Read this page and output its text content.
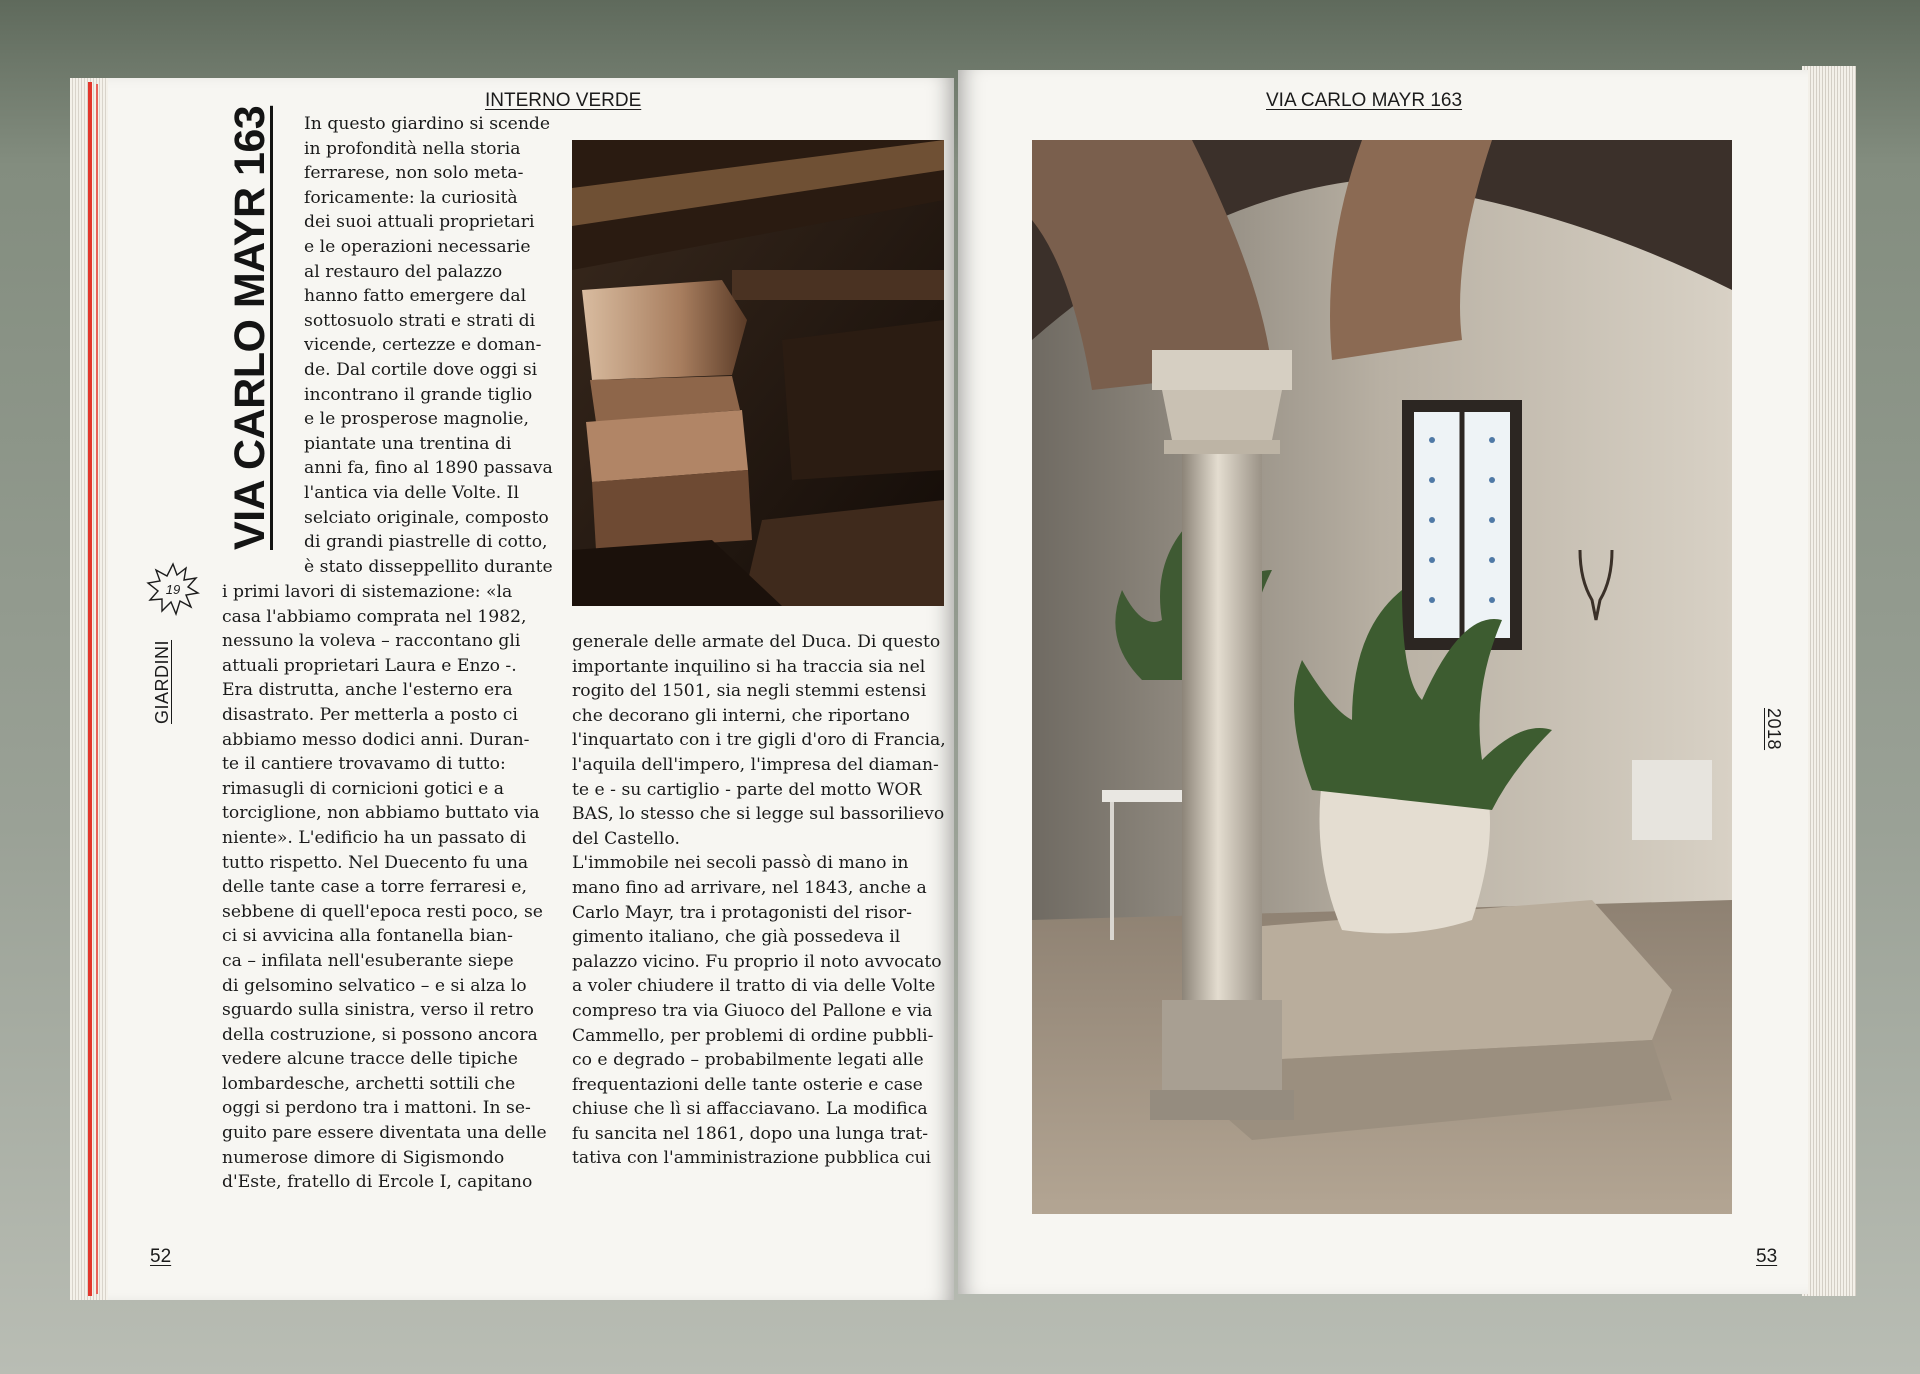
INTERNO VERDE
VIA CARLO MAYR 163
19
GIARDINI

In questo giardino si scende
in profondità nella storia
ferrarese, non solo meta-
foricamente: la curiosità
dei suoi attuali proprietari
e le operazioni necessarie
al restauro del palazzo
hanno fatto emergere dal
sottosuolo strati e strati di
vicende, certezze e doman-
de. Dal cortile dove oggi si
incontrano il grande tiglio
e le prosperose magnolie,
piantate una trentina di
anni fa, fino al 1890 passava
l'antica via delle Volte. Il
selciato originale, composto
di grandi piastrelle di cotto,
è stato disseppellito durante

i primi lavori di sistemazione: «la
casa l'abbiamo comprata nel 1982,
nessuno la voleva – raccontano gli
attuali proprietari Laura e Enzo -.
Era distrutta, anche l'esterno era
disastrato. Per metterla a posto ci
abbiamo messo dodici anni. Duran-
te il cantiere trovavamo di tutto:
rimasugli di cornicioni gotici e a
torciglione, non abbiamo buttato via
niente». L'edificio ha un passato di
tutto rispetto. Nel Duecento fu una
delle tante case a torre ferraresi e,
sebbene di quell'epoca resti poco, se
ci si avvicina alla fontanella bian-
ca – infilata nell'esuberante siepe
di gelsomino selvatico – e si alza lo
sguardo sulla sinistra, verso il retro
della costruzione, si possono ancora
vedere alcune tracce delle tipiche
lombardesche, archetti sottili che
oggi si perdono tra i mattoni. In se-
guito pare essere diventata una delle
numerose dimore di Sigismondo
d'Este, fratello di Ercole I, capitano

generale delle armate del Duca. Di questo
importante inquilino si ha traccia sia nel
rogito del 1501, sia negli stemmi estensi
che decorano gli interni, che riportano
l'inquartato con i tre gigli d'oro di Francia,
l'aquila dell'impero, l'impresa del diaman-
te e - su cartiglio - parte del motto WOR
BAS, lo stesso che si legge sul bassorilievo
del Castello.
L'immobile nei secoli passò di mano in
mano fino ad arrivare, nel 1843, anche a
Carlo Mayr, tra i protagonisti del risor-
gimento italiano, che già possedeva il
palazzo vicino. Fu proprio il noto avvocato
a voler chiudere il tratto di via delle Volte
compreso tra via Giuoco del Pallone e via
Cammello, per problemi di ordine pubbli-
co e degrado – probabilmente legati alle
frequentazioni delle tante osterie e case
chiuse che lì si affacciavano. La modifica
fu sancita nel 1861, dopo una lunga trat-
tativa con l'amministrazione pubblica cui

52
VIA CARLO MAYR 163
2018
53
